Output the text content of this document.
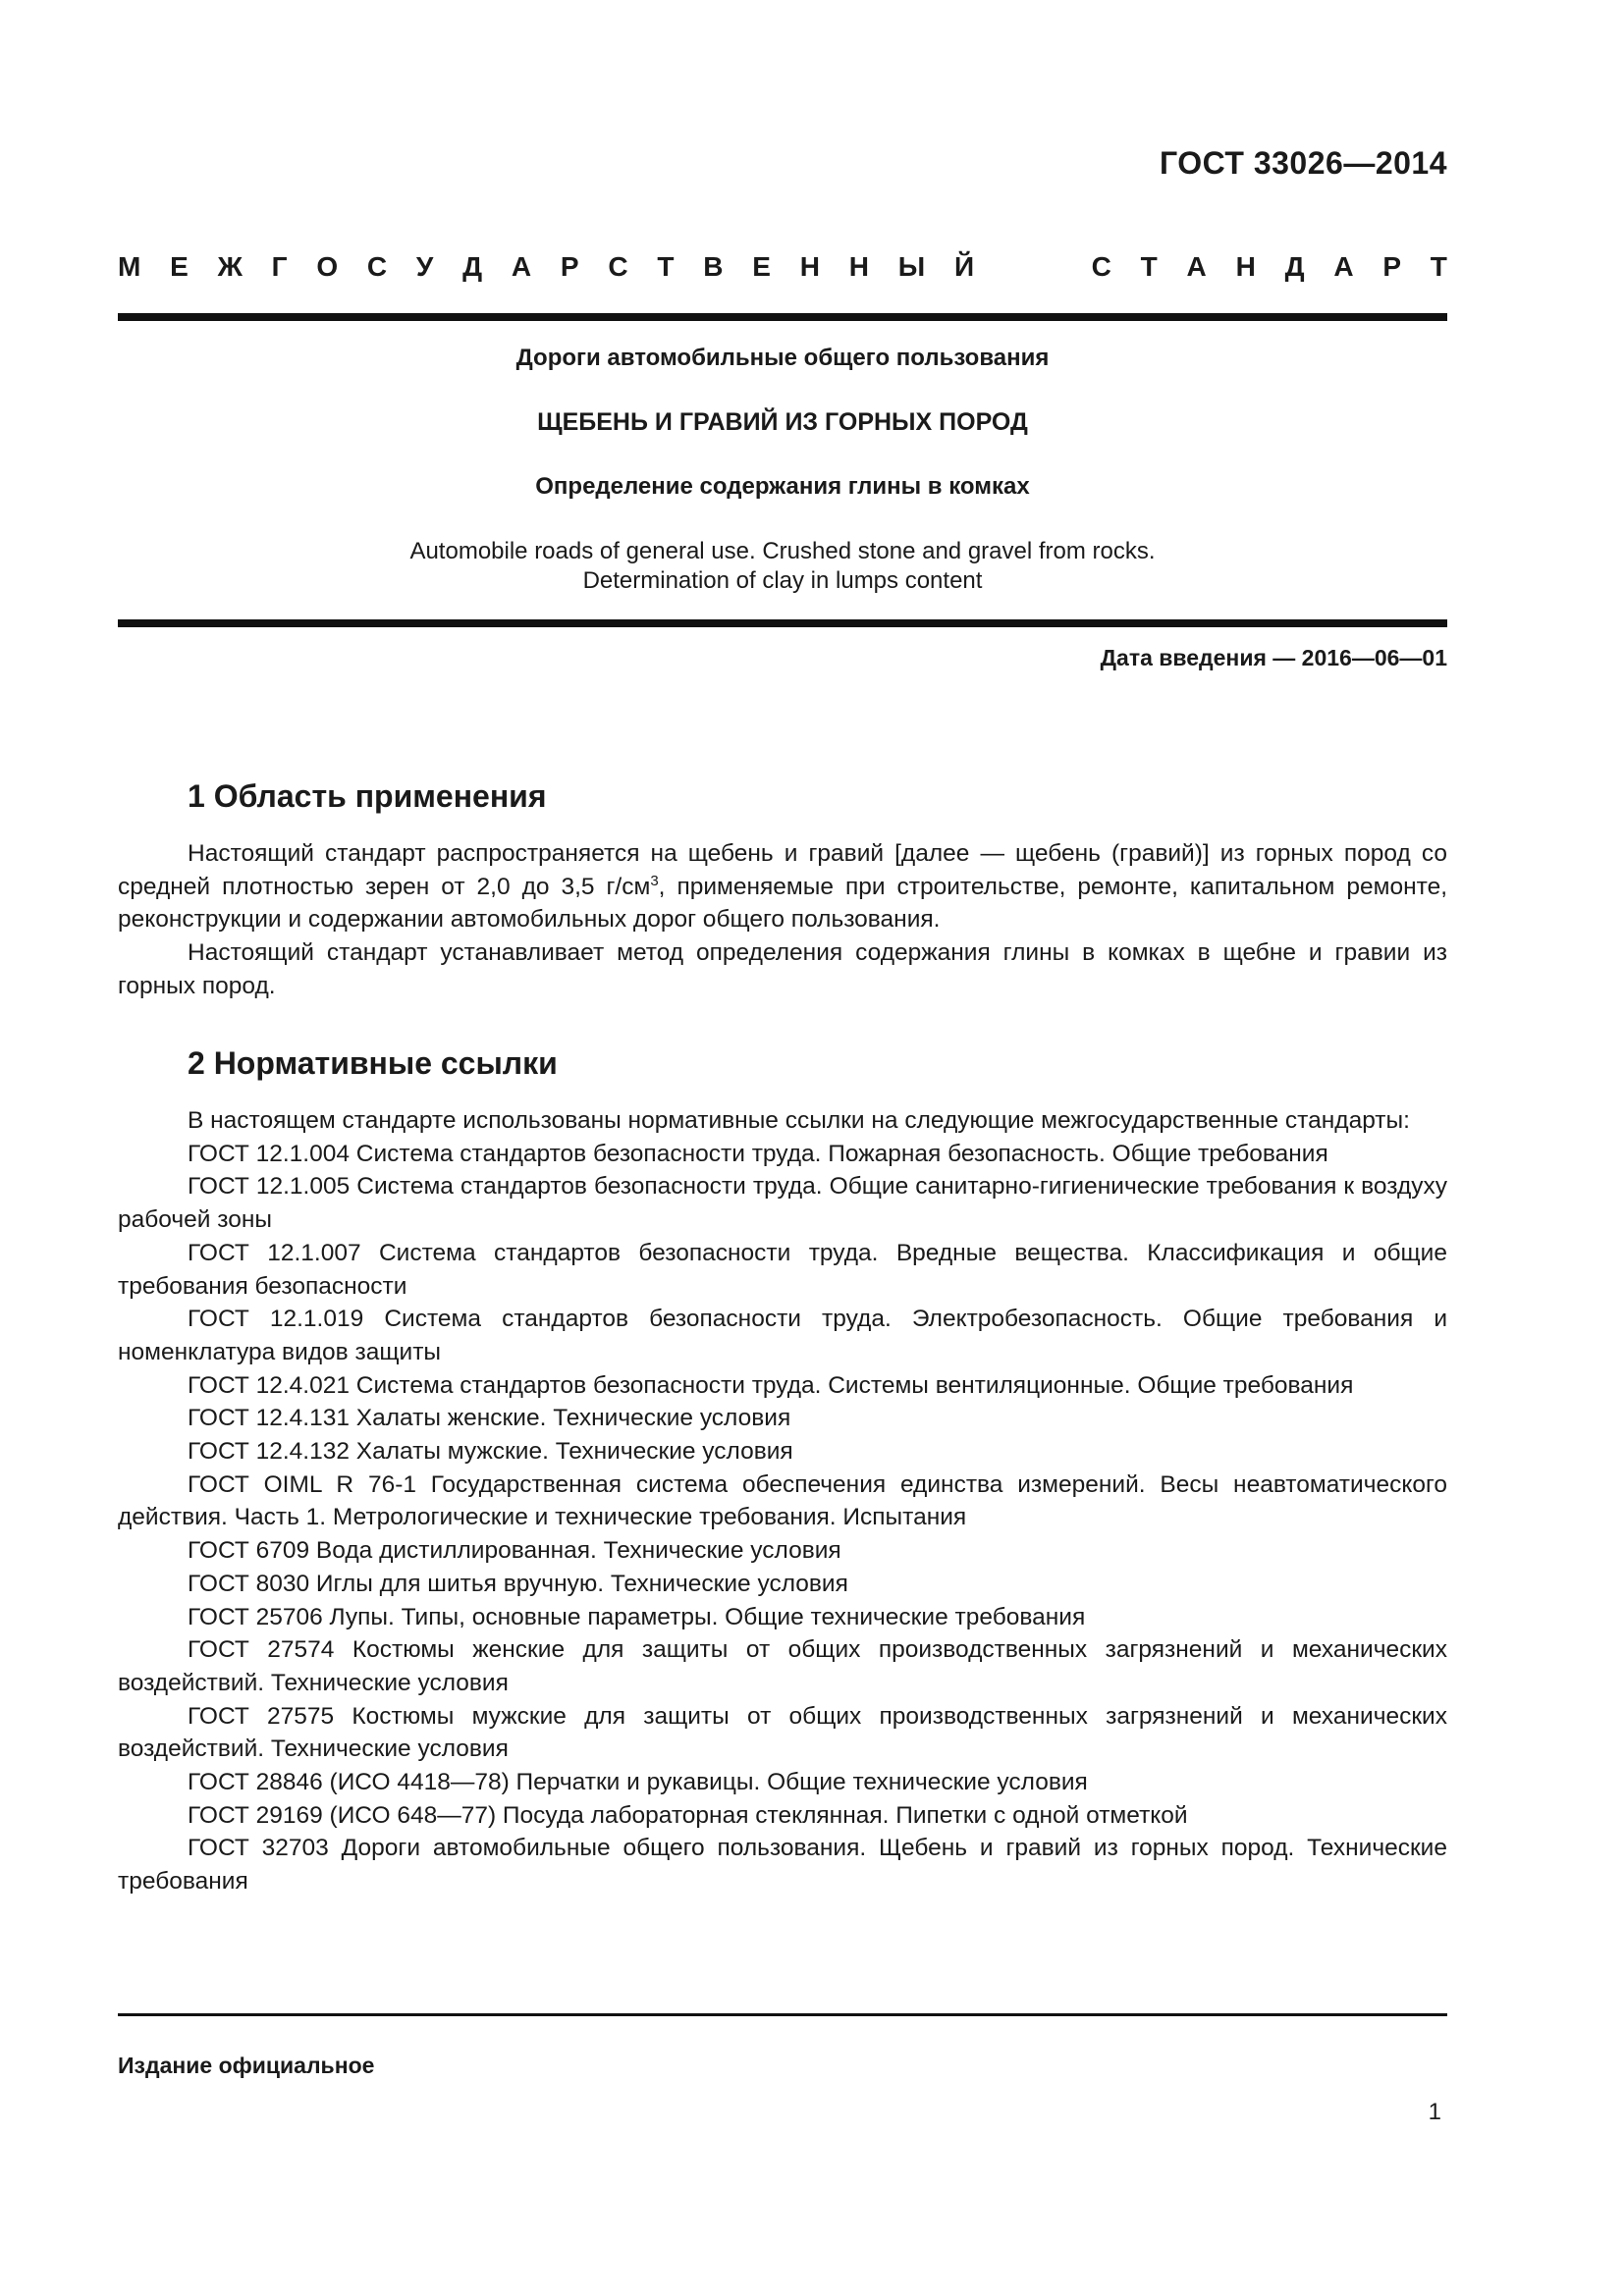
ГОСТ 33026—2014
М Е Ж Г О С У Д А Р С Т В Е Н Н Ы Й	С Т А Н Д А Р Т
Дороги автомобильные общего пользования
ЩЕБЕНЬ И ГРАВИЙ ИЗ ГОРНЫХ ПОРОД
Определение содержания глины в комках
Automobile roads of general use. Crushed stone and gravel from rocks.
Determination of clay in lumps content
Дата введения — 2016—06—01
1 Область применения

Настоящий стандарт распространяется на щебень и гравий [далее — щебень (гравий)] из горных пород со средней плотностью зерен от 2,0 до 3,5 $г/см^3$, применяемые при строительстве, ремонте, капитальном ремонте, реконструкции и содержании автомобильных дорог общего пользования.

Настоящий стандарт устанавливает метод определения содержания глины в комках в щебне и гравии из горных пород.

2 Нормативные ссылки

В настоящем стандарте использованы нормативные ссылки на следующие межгосударственные стандарты:

ГОСТ 12.1.004 Система стандартов безопасности труда. Пожарная безопасность. Общие требования

ГОСТ 12.1.005 Система стандартов безопасности труда. Общие санитарно-гигиенические требования к воздуху рабочей зоны

ГОСТ 12.1.007 Система стандартов безопасности труда. Вредные вещества. Классификация и общие требования безопасности

ГОСТ 12.1.019 Система стандартов безопасности труда. Электробезопасность. Общие требования и номенклатура видов защиты

ГОСТ 12.4.021 Система стандартов безопасности труда. Системы вентиляционные. Общие требования

ГОСТ 12.4.131 Халаты женские. Технические условия

ГОСТ 12.4.132 Халаты мужские. Технические условия

ГОСТ OIML R 76-1 Государственная система обеспечения единства измерений. Весы неавтоматического действия. Часть 1. Метрологические и технические требования. Испытания

ГОСТ 6709 Вода дистиллированная. Технические условия

ГОСТ 8030 Иглы для шитья вручную. Технические условия

ГОСТ 25706 Лупы. Типы, основные параметры. Общие технические требования

ГОСТ 27574 Костюмы женские для защиты от общих производственных загрязнений и механических воздействий. Технические условия

ГОСТ 27575 Костюмы мужские для защиты от общих производственных загрязнений и механических воздействий. Технические условия

ГОСТ 28846 (ИСО 4418—78) Перчатки и рукавицы. Общие технические условия

ГОСТ 29169 (ИСО 648—77) Посуда лабораторная стеклянная. Пипетки с одной отметкой

ГОСТ 32703 Дороги автомобильные общего пользования. Щебень и гравий из горных пород. Технические требования

Издание официальное
1
